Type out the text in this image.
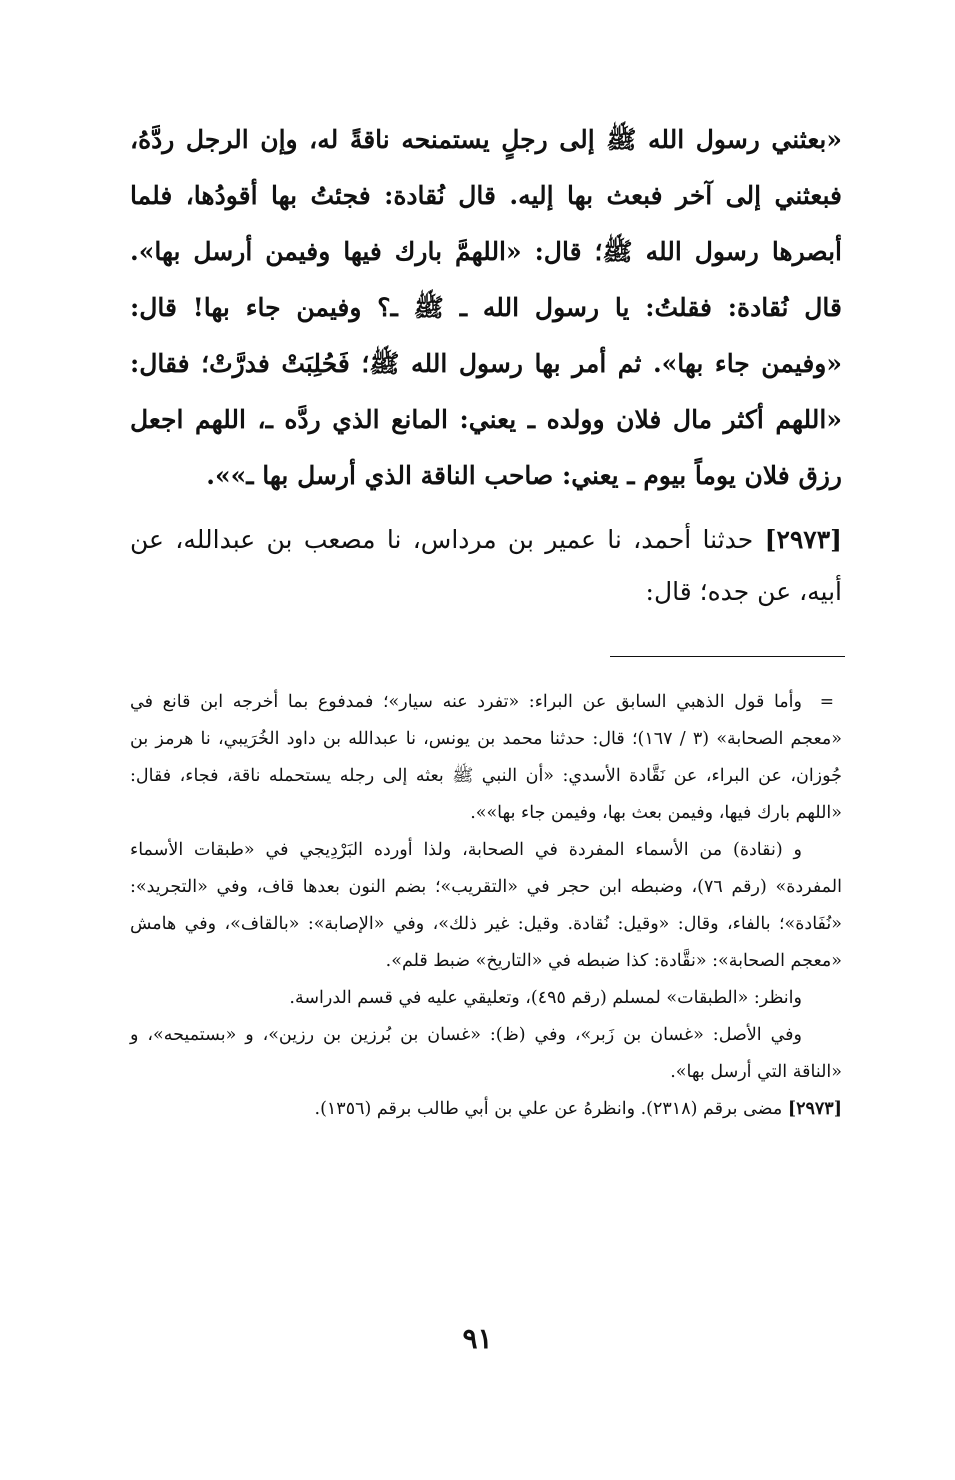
«بعثني رسول الله ﷺ إلى رجلٍ يستمنحه ناقةً له، وإن الرجل ردَّهُ، فبعثني إلى آخر فبعث بها إليه. قال نُقادة: فجئتُ بها أقودُها، فلما أبصرها رسول الله ﷺ؛ قال: «اللهمَّ بارك فيها وفيمن أرسل بها». قال نُقادة: فقلتُ: يا رسول الله ـ ﷺ ـ؟ وفيمن جاء بها! قال: «وفيمن جاء بها». ثم أمر بها رسول الله ﷺ؛ فَحُلِبَتْ فدرَّتْ؛ فقال: «اللهم أكثر مال فلان وولده ـ يعني: المانع الذي ردَّه ـ، اللهم اجعل رزق فلان يوماً بيوم ـ يعني: صاحب الناقة الذي أرسل بها ـ»».
[٢٩٧٣] حدثنا أحمد، نا عمير بن مرداس، نا مصعب بن عبدالله، عن أبيه، عن جده؛ قال:

=
وأما قول الذهبي السابق عن البراء: «تفرد عنه سيار»؛ فمدفوع بما أخرجه ابن قانع في «معجم الصحابة» (٣ / ١٦٧)؛ قال: حدثنا محمد بن يونس، نا عبدالله بن داود الخُرَيبي، نا هرمز بن جُوزان، عن البراء، عن نَقَّادة الأسدي: «أن النبي ﷺ بعثه إلى رجله يستحمله ناقة، فجاء، فقال: «اللهم بارك فيها، وفيمن بعث بها، وفيمن جاء بها»».

و (نقادة) من الأسماء المفردة في الصحابة، ولذا أورده البَرْدِيجي في «طبقات الأسماء المفردة» (رقم ٧٦)، وضبطه ابن حجر في «التقريب»؛ بضم النون بعدها قاف، وفي «التجريد»: «نُفَادة»؛ بالفاء، وقال: «وقيل: نُقادة. وقيل: غير ذلك»، وفي «الإصابة»: «بالقاف»، وفي هامش «معجم الصحابة»: «نقَّادة: كذا ضبطه في «التاريخ» ضبط قلم».

وانظر: «الطبقات» لمسلم (رقم ٤٩٥)، وتعليقي عليه في قسم الدراسة.

وفي الأصل: «غسان بن زَبر»، وفي (ظ): «غسان بن بُرزين بن رزين»، و «بستميحه»، و «الناقة التي أرسل بها».

[٢٩٧٣] مضى برقم (٢٣١٨). وانظرهُ عن علي بن أبي طالب برقم (١٣٥٦).

٩١
